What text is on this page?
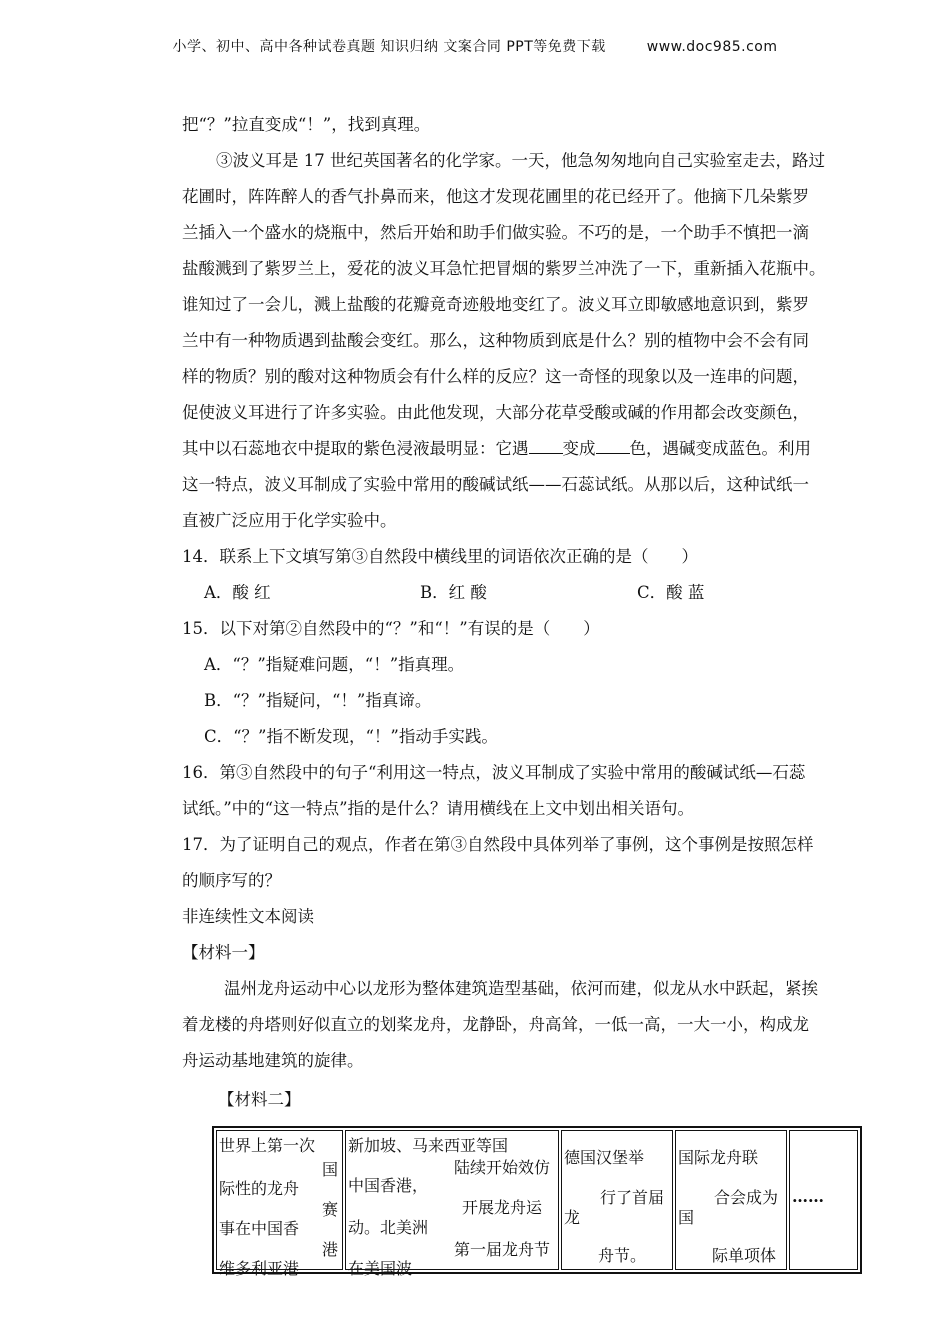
小学、初中、高中各种试卷真题 知识归纳 文案合同 PPT等免费下载	www.doc985.com
把“？”拉直变成“！”，找到真理。
③波义耳是 17 世纪英国著名的化学家。一天，他急匆匆地向自己实验室走去，路过
花圃时，阵阵醉人的香气扑鼻而来，他这才发现花圃里的花已经开了。他摘下几朵紫罗
兰插入一个盛水的烧瓶中，然后开始和助手们做实验。不巧的是，一个助手不慎把一滴
盐酸溅到了紫罗兰上，爱花的波义耳急忙把冒烟的紫罗兰冲洗了一下，重新插入花瓶中。
谁知过了一会儿，溅上盐酸的花瓣竟奇迹般地变红了。波义耳立即敏感地意识到，紫罗
兰中有一种物质遇到盐酸会变红。那么，这种物质到底是什么？别的植物中会不会有同
样的物质？别的酸对这种物质会有什么样的反应？这一奇怪的现象以及一连串的问题，
促使波义耳进行了许多实验。由此他发现，大部分花草受酸或碱的作用都会改变颜色，
其中以石蕊地衣中提取的紫色浸液最明显：它遇 变成 色，遇碱变成蓝色。利用
这一特点，波义耳制成了实验中常用的酸碱试纸——石蕊试纸。从那以后，这种试纸一
直被广泛应用于化学实验中。
14．联系上下文填写第③自然段中横线里的词语依次正确的是（　　）
A．酸 红	B．红 酸	C．酸 蓝
15．以下对第②自然段中的“？”和“！”有误的是（　　）
A．“？”指疑难问题，“！”指真理。
B．“？”指疑问，“！”指真谛。
C．“？”指不断发现，“！”指动手实践。
16．第③自然段中的句子“利用这一特点，波义耳制成了实验中常用的酸碱试纸—石蕊
试纸。”中的“这一特点”指的是什么？请用横线在上文中划出相关语句。
17．为了证明自己的观点，作者在第③自然段中具体列举了事例，这个事例是按照怎样
的顺序写的？
非连续性文本阅读
【材料一】
温州龙舟运动中心以龙形为整体建筑造型基础，依河而建，似龙从水中跃起，紧挨
着龙楼的舟塔则好似直立的划桨龙舟，龙静卧，舟高耸，一低一高，一大一小，构成龙
舟运动基地建筑的旋律。
【材料二】
世界上第一次
国
际性的龙舟
赛
事在中国香
港
维多利亚港

新加坡、马来西亚等国
陆续开始效仿
中国香港，
开展龙舟运
动。北美洲
第一届龙舟节
在美国波

德国汉堡举
行了首届
龙
舟节。

国际龙舟联
合会成为
国
际单项体

……
